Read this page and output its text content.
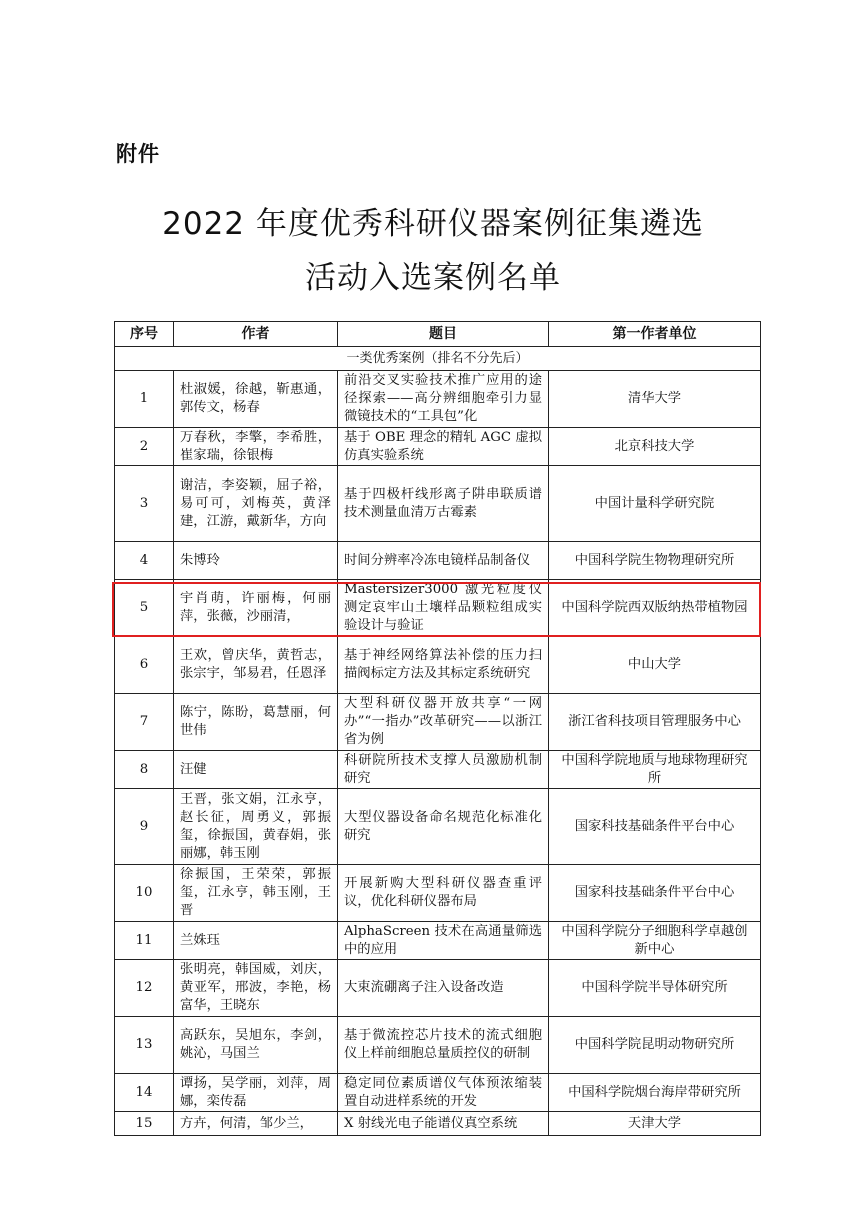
附件
2022 年度优秀科研仪器案例征集遴选
活动入选案例名单
序号	作者	题目	第一作者单位
一类优秀案例（排名不分先后）			
1	杜淑媛，徐越，靳惠通，郭传文，杨春	前沿交叉实验技术推广应用的途径探索——高分辨细胞牵引力显微镜技术的“工具包”化	清华大学
2	万春秋，李擎，李希胜，崔家瑞，徐银梅	基于 OBE 理念的精轧 AGC 虚拟仿真实验系统	北京科技大学
3	谢洁，李姿颖，屈子裕，易可可，刘梅英，黄泽建，江游，戴新华，方向	基于四极杆线形离子阱串联质谱技术测量血清万古霉素	中国计量科学研究院
4	朱博玲	时间分辨率冷冻电镜样品制备仪	中国科学院生物物理研究所
5	宇肖萌，许丽梅，何丽萍，张薇，沙丽清，	Mastersizer3000 激光粒度仪测定哀牢山土壤样品颗粒组成实验设计与验证	中国科学院西双版纳热带植物园
6	王欢，曾庆华，黄哲志，张宗宇，邹易君，任恩泽	基于神经网络算法补偿的压力扫描阀标定方法及其标定系统研究	中山大学
7	陈宁，陈盼，葛慧丽，何世伟	大型科研仪器开放共享“一网办”“一指办”改革研究——以浙江省为例	浙江省科技项目管理服务中心
8	汪健	科研院所技术支撑人员激励机制研究	中国科学院地质与地球物理研究所
9	王晋，张文娟，江永亨，赵长征，周勇义，郭振玺，徐振国，黄春娟，张丽娜，韩玉刚	大型仪器设备命名规范化标准化研究	国家科技基础条件平台中心
10	徐振国，王荣荣，郭振玺，江永亨，韩玉刚，王晋	开展新购大型科研仪器查重评议，优化科研仪器布局	国家科技基础条件平台中心
11	兰姝珏	AlphaScreen 技术在高通量筛选中的应用	中国科学院分子细胞科学卓越创新中心
12	张明亮，韩国威，刘庆，黄亚军，邢波，李艳，杨富华，王晓东	大束流硼离子注入设备改造	中国科学院半导体研究所
13	高跃东，吴旭东，李剑，姚沁，马国兰	基于微流控芯片技术的流式细胞仪上样前细胞总量质控仪的研制	中国科学院昆明动物研究所
14	谭扬，吴学丽，刘萍，周娜，栾传磊	稳定同位素质谱仪气体预浓缩装置自动进样系统的开发	中国科学院烟台海岸带研究所
15	方卉，何清，邹少兰，	X 射线光电子能谱仪真空系统	天津大学
